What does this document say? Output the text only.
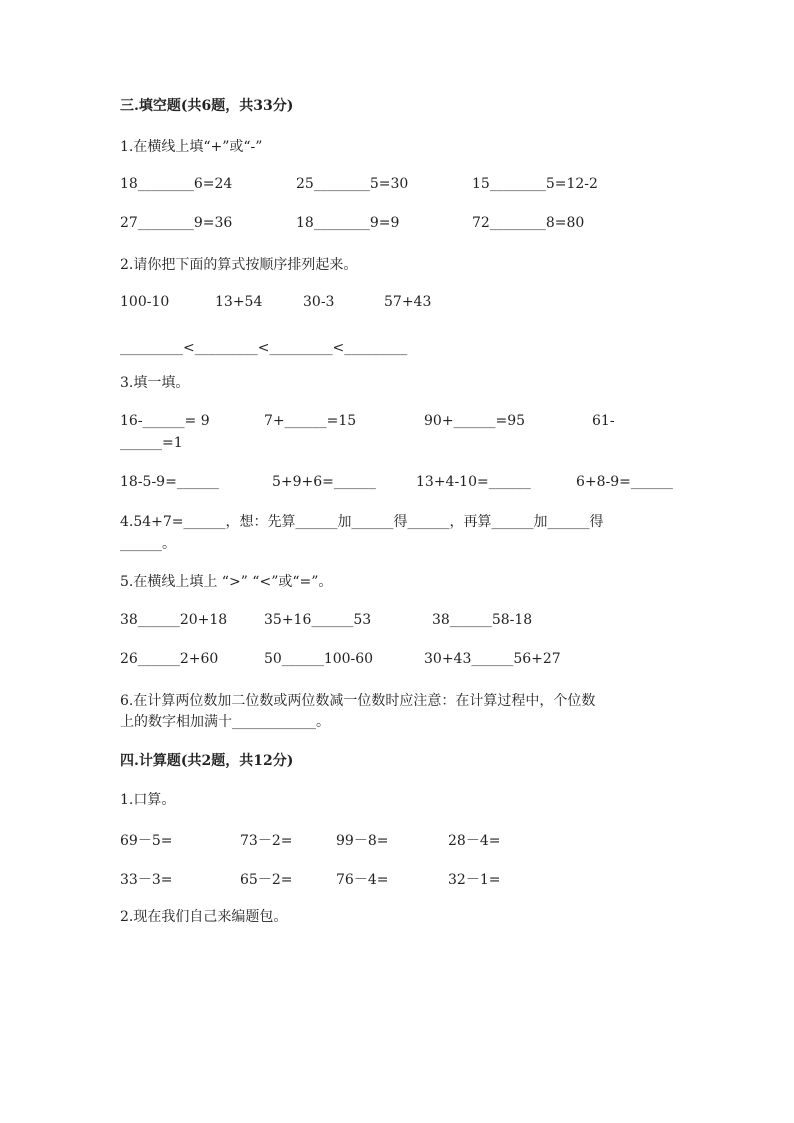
三.填空题(共6题，共33分)
1.在横线上填“+”或“-”
18________6=24	25________5=30	15________5=12-2
27________9=36	18________9=9	72________8=80
2.请你把下面的算式按顺序排列起来。
100-10	13+54	30-3	57+43
_________<_________<_________<_________
3.填一填。
16-______= 9	7+______=15	90+______=95	61-
______=1
18-5-9=______	5+9+6=______	13+4-10=______	6+8-9=______
4.54+7=______，想：先算______加______得______，再算______加______得
______。
5.在横线上填上 “>” “<”或“=”。
38______20+18	35+16______53	38______58-18
26______2+60	50______100-60	30+43______56+27
6.在计算两位数加二位数或两位数减一位数时应注意：在计算过程中，个位数
上的数字相加满十____________。
四.计算题(共2题，共12分)
1.口算。
69－5=	73－2=	99－8=	28－4=
33－3=	65－2=	76－4=	32－1=
2.现在我们自己来编题包。
